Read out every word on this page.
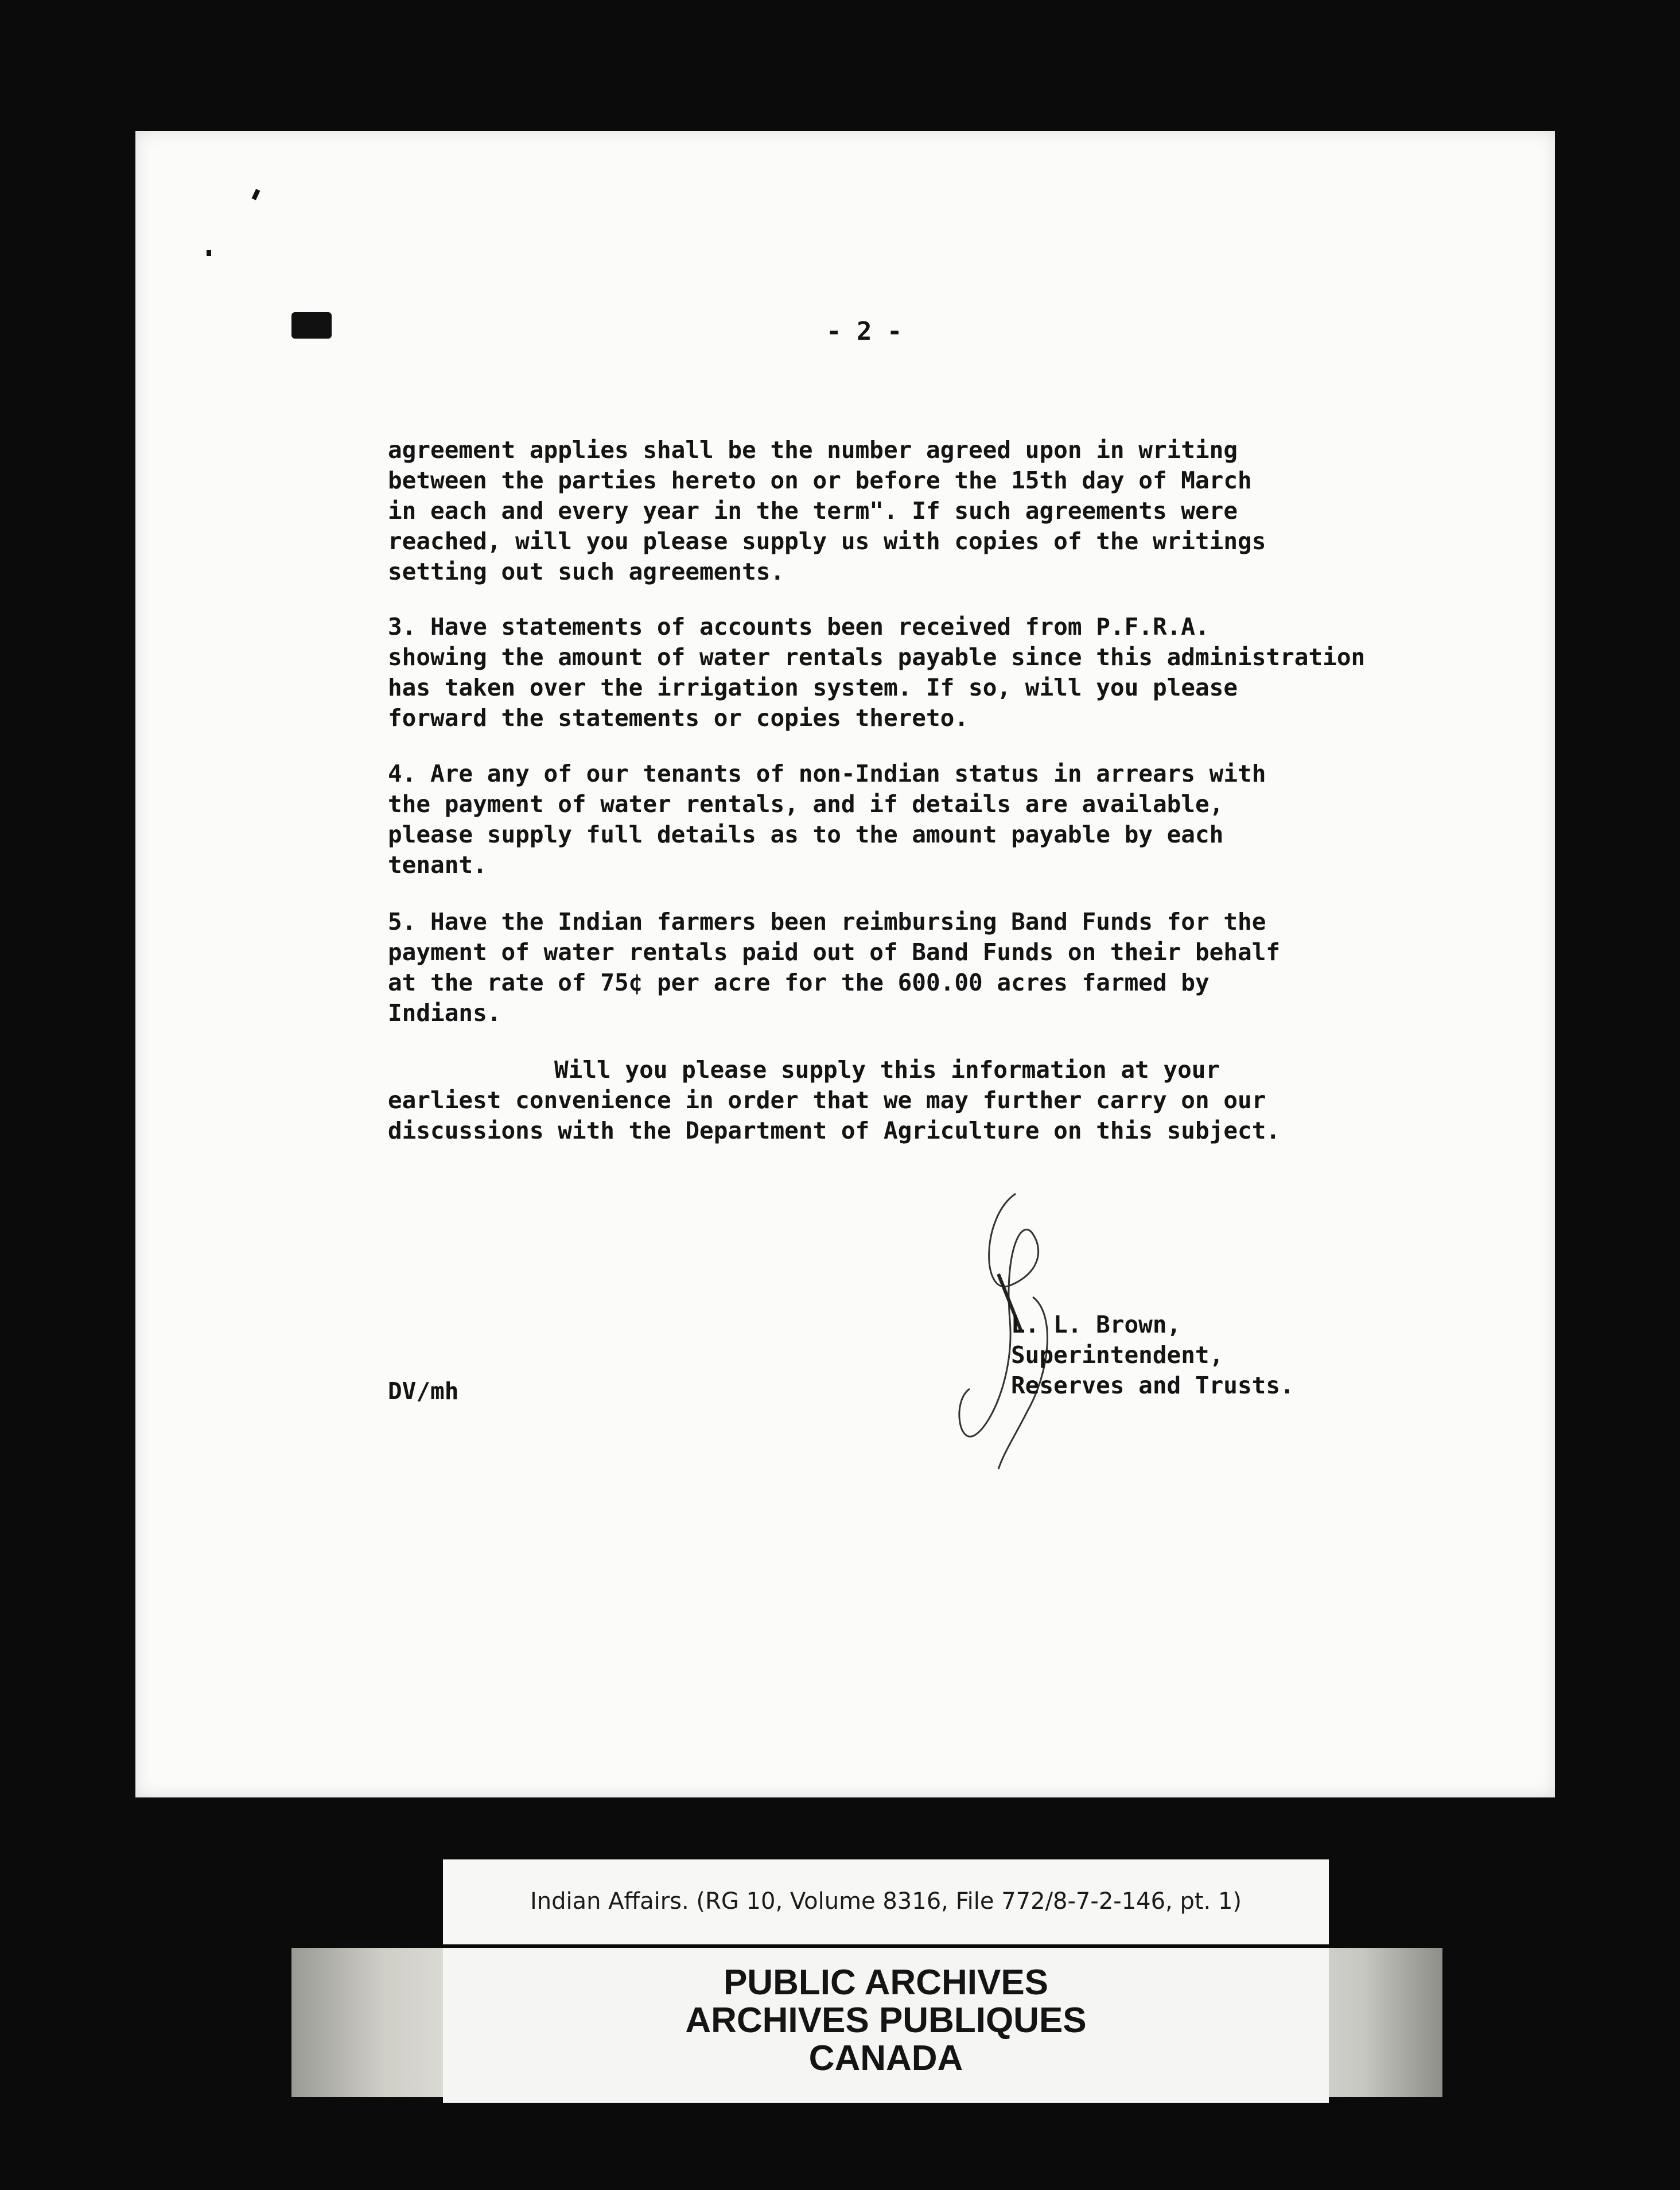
- 2 -

agreement applies shall be the number agreed upon in writing
between the parties hereto on or before the 15th day of March
in each and every year in the term". If such agreements were
reached, will you please supply us with copies of the writings
setting out such agreements.

3. Have statements of accounts been received from P.F.R.A.
showing the amount of water rentals payable since this administration
has taken over the irrigation system. If so, will you please
forward the statements or copies thereto.

4. Are any of our tenants of non-Indian status in arrears with
the payment of water rentals, and if details are available,
please supply full details as to the amount payable by each
tenant.

5. Have the Indian farmers been reimbursing Band Funds for the
payment of water rentals paid out of Band Funds on their behalf
at the rate of 75¢ per acre for the 600.00 acres farmed by
Indians.

Will you please supply this information at your
earliest convenience in order that we may further carry on our
discussions with the Department of Agriculture on this subject.

L. L. Brown,
Superintendent,
Reserves and Trusts.

DV/mh

Indian Affairs. (RG 10, Volume 8316, File 772/8-7-2-146, pt. 1)
PUBLIC ARCHIVES
ARCHIVES PUBLIQUES
CANADA
